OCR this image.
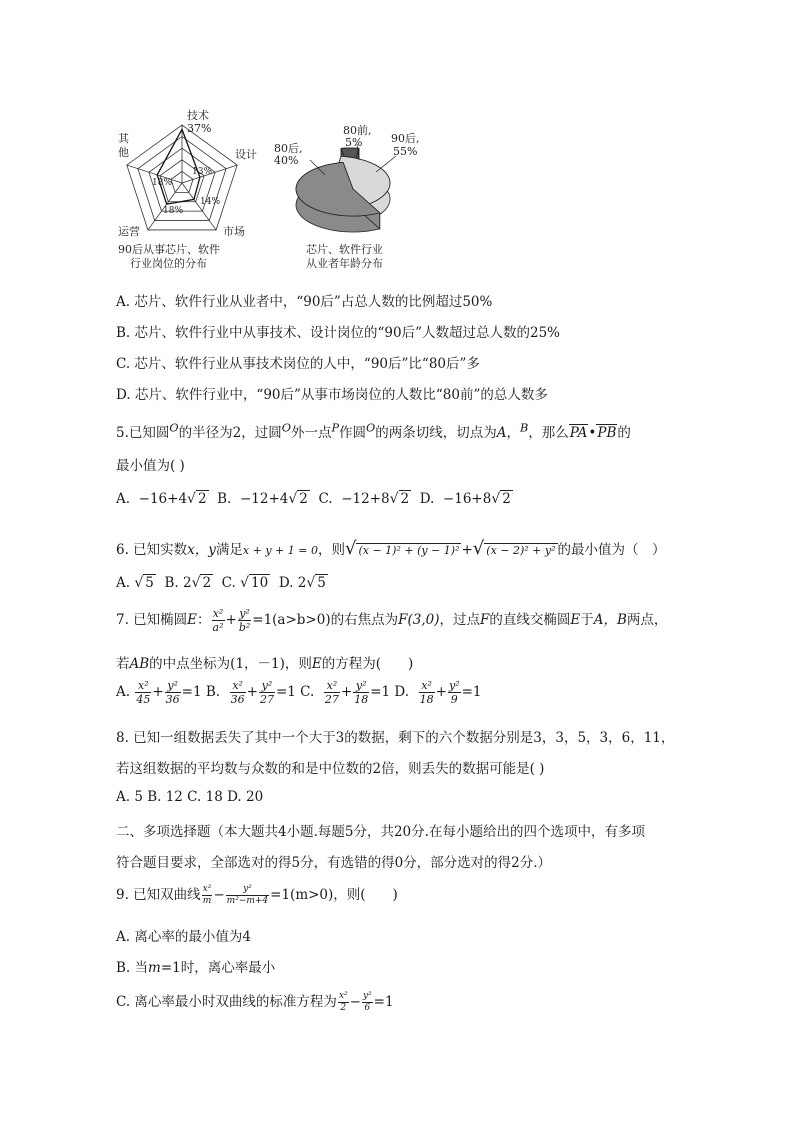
技术
37%
设计
市场
运营
其他
13%
14%
18%
18%
90后从事芯片、软件
行业岗位的分布
80前,
5%
80后,
40%
90后,
55%
芯片、软件行业
从业者年龄分布
A. 芯片、软件行业从业者中，“90后”占总人数的比例超过50%
B. 芯片、软件行业中从事技术、设计岗位的“90后”人数超过总人数的25%
C. 芯片、软件行业从事技术岗位的人中，“90后”比“80后”多
D. 芯片、软件行业中，“90后”从事市场岗位的人数比“80前”的总人数多
5.已知圆$^O$的半径为2，过圆$^O$外一点$^P$作圆$^O$的两条切线，切点为A，$^B$，那么PA•PB的
最小值为( )
A. −16+4√ 2 B. −12+4√ 2 C. −12+8√ 2 D. −16+8√ 2
6. 已知实数x，y满足x + y + 1 = 0，则√ (x − 1)² + (y − 1)² +√ (x − 2)² + y² 的最小值为（　）
A. √ 5 B. 2√ 2 C. √ 10 D. 2√ 5
7. 已知椭圆E： $\frac{\text{x²}}{\text{a²}} + \frac{\text{y²}}{\text{b²}} =1(a>b>0)$的右焦点为F(3,0)，过点F的直线交椭圆E于A，B两点，
若AB的中点坐标为(1，－1)，则E的方程为(　　)
A. $\frac{\text{x²}}{45} + \frac{\text{y²}}{36} =1$ B. $\frac{\text{x²}}{36} + \frac{\text{y²}}{27} =1$ C. $\frac{\text{x²}}{27} + \frac{\text{y²}}{18} =1$ D. $\frac{\text{x²}}{18} + \frac{\text{y²}}{9} =1$
8. 已知一组数据丢失了其中一个大于3的数据，剩下的六个数据分别是3，3，5，3，6，11，
若这组数据的平均数与众数的和是中位数的2倍，则丢失的数据可能是( )
A. 5 B. 12 C. 18 D. 20
二、多项选择题（本大题共4小题.每题5分，共20分.在每小题给出的四个选项中，有多项
符合题目要求，全部选对的得5分，有选错的得0分，部分选对的得2分.）
9. 已知双曲线 $\frac{\text{x²}}{m} - \frac{\text{y²}}{\text{m²−m+4}} =1(m>0)$，则(　　)
A. 离心率的最小值为4
B. 当m=1时，离心率最小
C. 离心率最小时双曲线的标准方程为 $\frac{\text{x²}}{2} - \frac{\text{y²}}{6} =1$
